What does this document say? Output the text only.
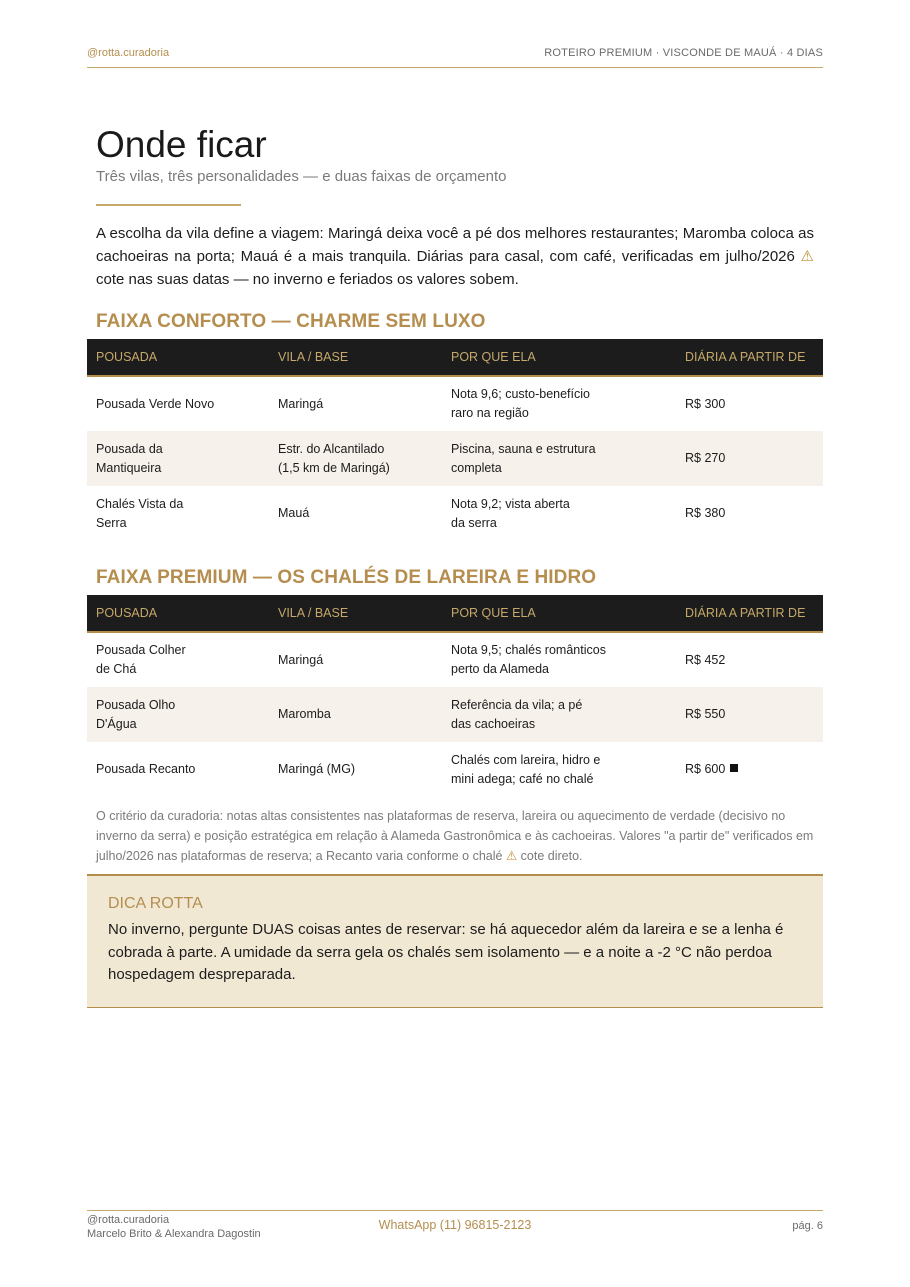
@rotta.curadoria	ROTEIRO PREMIUM · VISCONDE DE MAUÁ · 4 DIAS
Onde ficar
Três vilas, três personalidades — e duas faixas de orçamento

A escolha da vila define a viagem: Maringá deixa você a pé dos melhores restaurantes; Maromba coloca as cachoeiras na porta; Mauá é a mais tranquila. Diárias para casal, com café, verificadas em julho/2026 ⚠ cote nas suas datas — no inverno e feriados os valores sobem.

FAIXA CONFORTO — CHARME SEM LUXO
POUSADA	VILA / BASE	POR QUE ELA	DIÁRIA A PARTIR DE

Pousada Verde Novo	Maringá	Nota 9,6; custo-benefício
raro na região	R$ 300

Pousada da
Mantiqueira	Estr. do Alcantilado
(1,5 km de Maringá)	Piscina, sauna e estrutura
completa	R$ 270

Chalés Vista da
Serra	Mauá	Nota 9,2; vista aberta
da serra	R$ 380
FAIXA PREMIUM — OS CHALÉS DE LAREIRA E HIDRO
POUSADA	VILA / BASE	POR QUE ELA	DIÁRIA A PARTIR DE

Pousada Colher
de Chá	Maringá	Nota 9,5; chalés românticos
perto da Alameda	R$ 452

Pousada Olho
D'Água	Maromba	Referência da vila; a pé
das cachoeiras	R$ 550

Pousada Recanto	Maringá (MG)	Chalés com lareira, hidro e
mini adega; café no chalé	R$ 600

O critério da curadoria: notas altas consistentes nas plataformas de reserva, lareira ou aquecimento de verdade (decisivo no inverno da serra) e posição estratégica em relação à Alameda Gastronômica e às cachoeiras. Valores "a partir de" verificados em julho/2026 nas plataformas de reserva; a Recanto varia conforme o chalé ⚠ cote direto.

DICA ROTTA
No inverno, pergunte DUAS coisas antes de reservar: se há aquecedor além da lareira e se a lenha é cobrada à parte. A umidade da serra gela os chalés sem isolamento — e a noite a -2 °C não perdoa hospedagem despreparada.
@rotta.curadoria
Marcelo Brito & Alexandra Dagostin
WhatsApp (11) 96815-2123	pág. 6
